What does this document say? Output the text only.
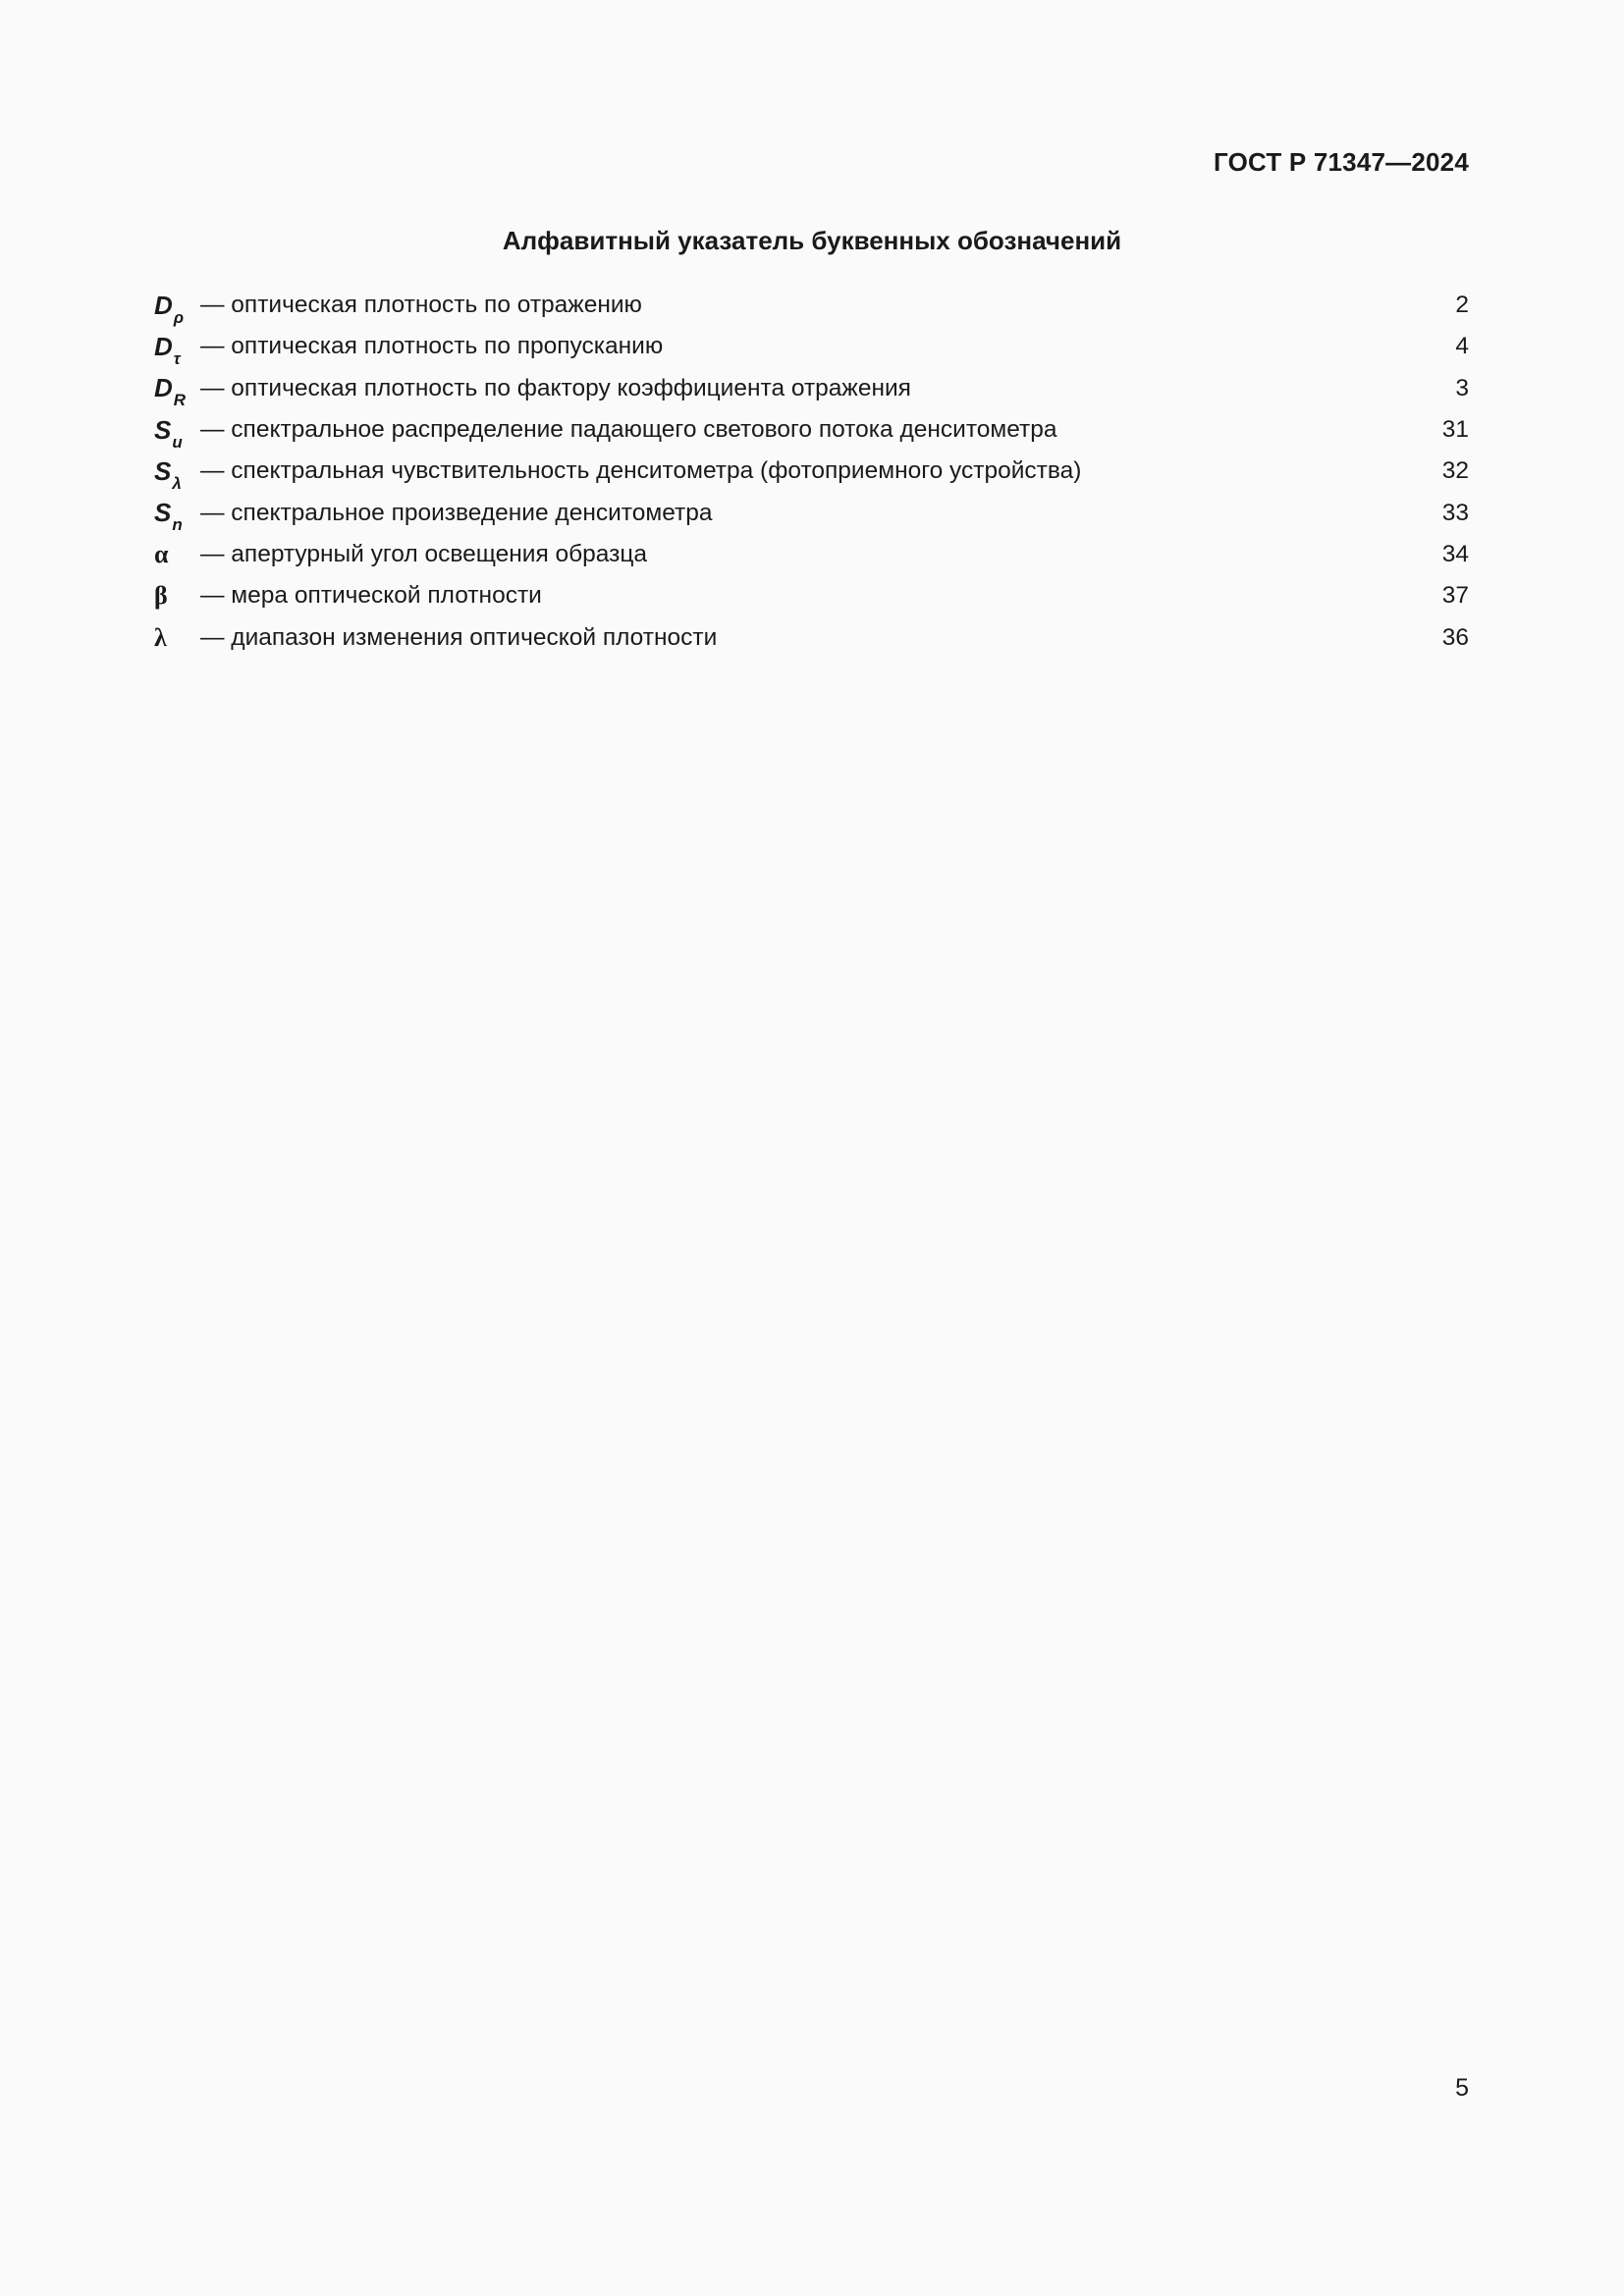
ГОСТ Р 71347—2024
Алфавитный указатель буквенных обозначений
$D_\rho$ — оптическая плотность по отражению	2
$D_\tau$ — оптическая плотность по пропусканию	4
$D_R$ — оптическая плотность по фактору коэффициента отражения	3
$S_u$ — спектральное распределение падающего светового потока денситометра	31
$S_\lambda$ — спектральная чувствительность денситометра (фотоприемного устройства)	32
$S_n$ — спектральное произведение денситометра	33
α	— апертурный угол освещения образца	34
β	— мера оптической плотности	37
λ	— диапазон изменения оптической плотности	36
5
